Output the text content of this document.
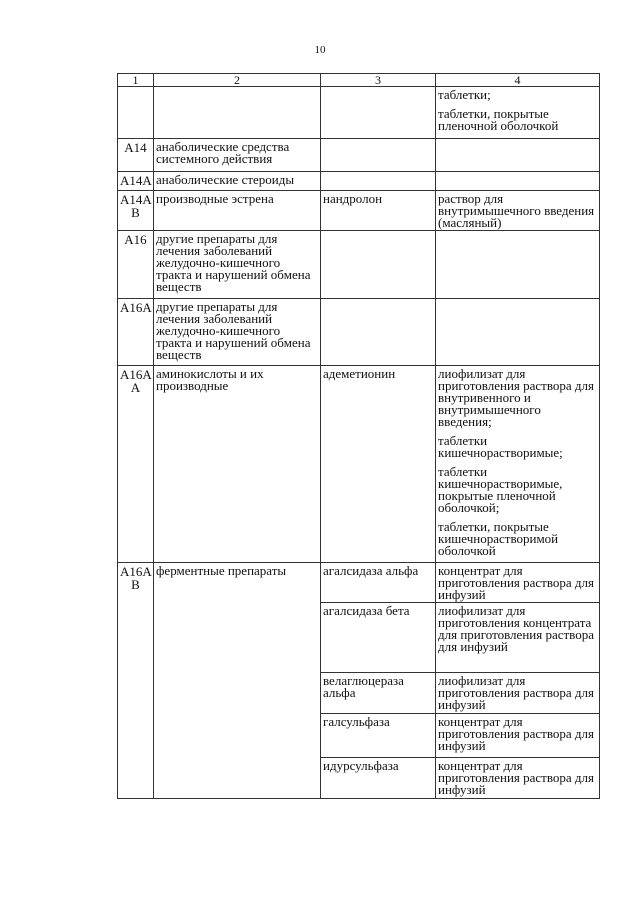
10
1	2	3	4

			таблетки;

таблетки, покрытые пленочной оболочкой

A14	анаболические средства системного действия		
A14A	анаболические стероиды		
A14A B	производные эстрена	нандролон	раствор для внутримышечного введения (масляный)

A16	другие препараты для лечения заболеваний желудочно-кишечного тракта и нарушений обмена веществ		
A16A	другие препараты для лечения заболеваний желудочно-кишечного тракта и нарушений обмена веществ		
A16A A	аминокислоты и их производные	адеметионин	лиофилизат для приготовления раствора для внутривенного и внутримышечного введения;

таблетки кишечнорастворимые;

таблетки кишечнорастворимые, покрытые пленочной оболочкой;

таблетки, покрытые кишечнорастворимой оболочкой

A16A B	ферментные препараты	агалсидаза альфа	концентрат для приготовления раствора для инфузий

		агалсидаза бета	лиофилизат для приготовления концентрата для приготовления раствора для инфузий

		велаглюцераза альфа	лиофилизат для приготовления раствора для инфузий

		галсульфаза	концентрат для приготовления раствора для инфузий

		идурсульфаза	концентрат для приготовления раствора для инфузий
